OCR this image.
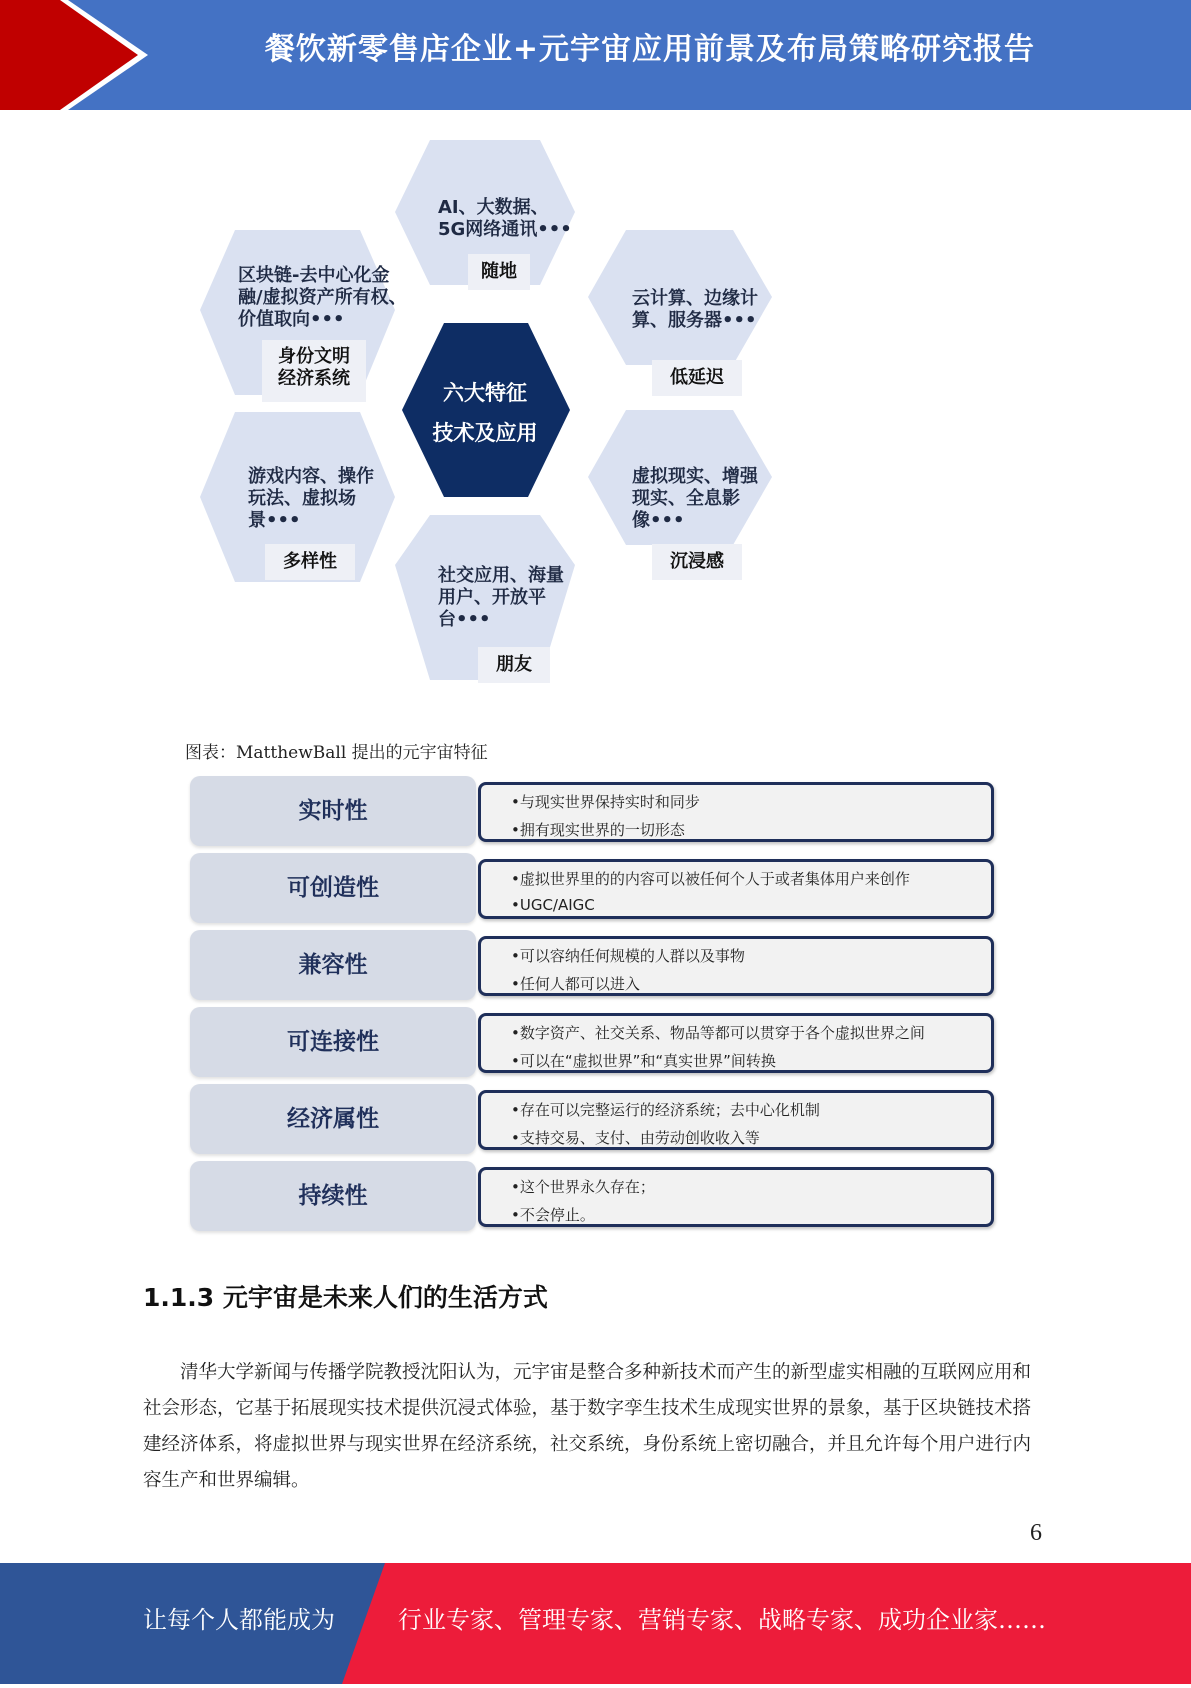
餐饮新零售店企业+元宇宙应用前景及布局策略研究报告
六大特征
技术及应用
AI、大数据、
5G网络通讯•••
随地
云计算、边缘计
算、服务器•••
低延迟
虚拟现实、增强
现实、全息影
像•••
沉浸感
社交应用、海量
用户、开放平
台•••
朋友
游戏内容、操作
玩法、虚拟场
景•••
多样性
区块链-去中心化金
融/虚拟资产所有权、
价值取向•••
身份文明
经济系统
图表：MatthewBall 提出的元宇宙特征
实时性	•与现实世界保持实时和同步
•拥有现实世界的一切形态
可创造性	•虚拟世界里的的内容可以被任何个人于或者集体用户来创作
•UGC/AIGC
兼容性	•可以容纳任何规模的人群以及事物
•任何人都可以进入
可连接性	•数字资产、社交关系、物品等都可以贯穿于各个虚拟世界之间
•可以在“虚拟世界”和“真实世界”间转换
经济属性	•存在可以完整运行的经济系统；去中心化机制
•支持交易、支付、由劳动创收收入等
持续性	•这个世界永久存在；
•不会停止。
1.1.3 元宇宙是未来人们的生活方式
清华大学新闻与传播学院教授沈阳认为，元宇宙是整合多种新技术而产生的新型虚实相融的互联网应用和社会形态，它基于拓展现实技术提供沉浸式体验，基于数字孪生技术生成现实世界的景象，基于区块链技术搭建经济体系，将虚拟世界与现实世界在经济系统，社交系统，身份系统上密切融合，并且允许每个用户进行内容生产和世界编辑。
6
让每个人都能成为	行业专家、管理专家、营销专家、战略专家、成功企业家……
